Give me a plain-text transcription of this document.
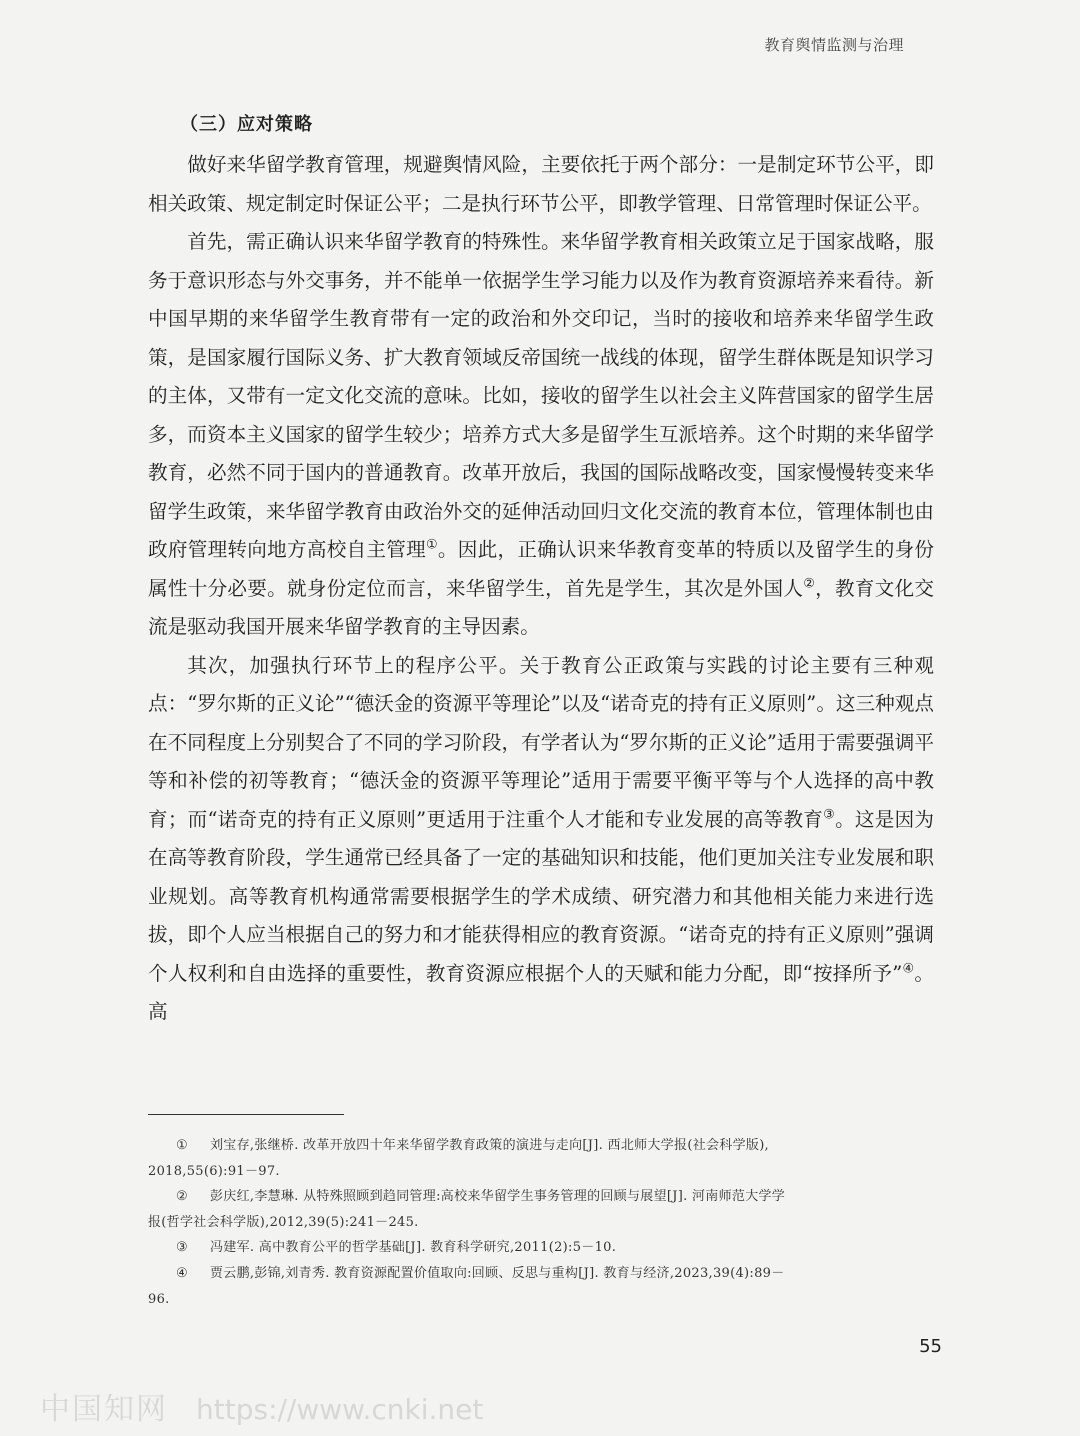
教育舆情监测与治理
（三）应对策略

做好来华留学教育管理，规避舆情风险，主要依托于两个部分：一是制定环节公平，即相关政策、规定制定时保证公平；二是执行环节公平，即教学管理、日常管理时保证公平。

首先，需正确认识来华留学教育的特殊性。来华留学教育相关政策立足于国家战略，服务于意识形态与外交事务，并不能单一依据学生学习能力以及作为教育资源培养来看待。新中国早期的来华留学生教育带有一定的政治和外交印记，当时的接收和培养来华留学生政策，是国家履行国际义务、扩大教育领域反帝国统一战线的体现，留学生群体既是知识学习的主体，又带有一定文化交流的意味。比如，接收的留学生以社会主义阵营国家的留学生居多，而资本主义国家的留学生较少；培养方式大多是留学生互派培养。这个时期的来华留学教育，必然不同于国内的普通教育。改革开放后，我国的国际战略改变，国家慢慢转变来华留学生政策，来华留学教育由政治外交的延伸活动回归文化交流的教育本位，管理体制也由政府管理转向地方高校自主管理①。因此，正确认识来华教育变革的特质以及留学生的身份属性十分必要。就身份定位而言，来华留学生，首先是学生，其次是外国人②，教育文化交流是驱动我国开展来华留学教育的主导因素。

其次，加强执行环节上的程序公平。关于教育公正政策与实践的讨论主要有三种观点：“罗尔斯的正义论”“德沃金的资源平等理论”以及“诺奇克的持有正义原则”。这三种观点在不同程度上分别契合了不同的学习阶段，有学者认为“罗尔斯的正义论”适用于需要强调平等和补偿的初等教育；“德沃金的资源平等理论”适用于需要平衡平等与个人选择的高中教育；而“诺奇克的持有正义原则”更适用于注重个人才能和专业发展的高等教育③。这是因为在高等教育阶段，学生通常已经具备了一定的基础知识和技能，他们更加关注专业发展和职业规划。高等教育机构通常需要根据学生的学术成绩、研究潜力和其他相关能力来进行选拔，即个人应当根据自己的努力和才能获得相应的教育资源。“诺奇克的持有正义原则”强调个人权利和自由选择的重要性，教育资源应根据个人的天赋和能力分配，即“按择所予”④。高

①	刘宝存,张继桥. 改革开放四十年来华留学教育政策的演进与走向[J]. 西北师大学报(社会科学版),
2018,55(6):91－97.
②	彭庆红,李慧琳. 从特殊照顾到趋同管理:高校来华留学生事务管理的回顾与展望[J]. 河南师范大学学
报(哲学社会科学版),2012,39(5):241－245.
③	冯建军. 高中教育公平的哲学基础[J]. 教育科学研究,2011(2):5－10.
④	贾云鹏,彭锦,刘青秀. 教育资源配置价值取向:回顾、反思与重构[J]. 教育与经济,2023,39(4):89－
96.
55
中国知网 https://www.cnki.net
